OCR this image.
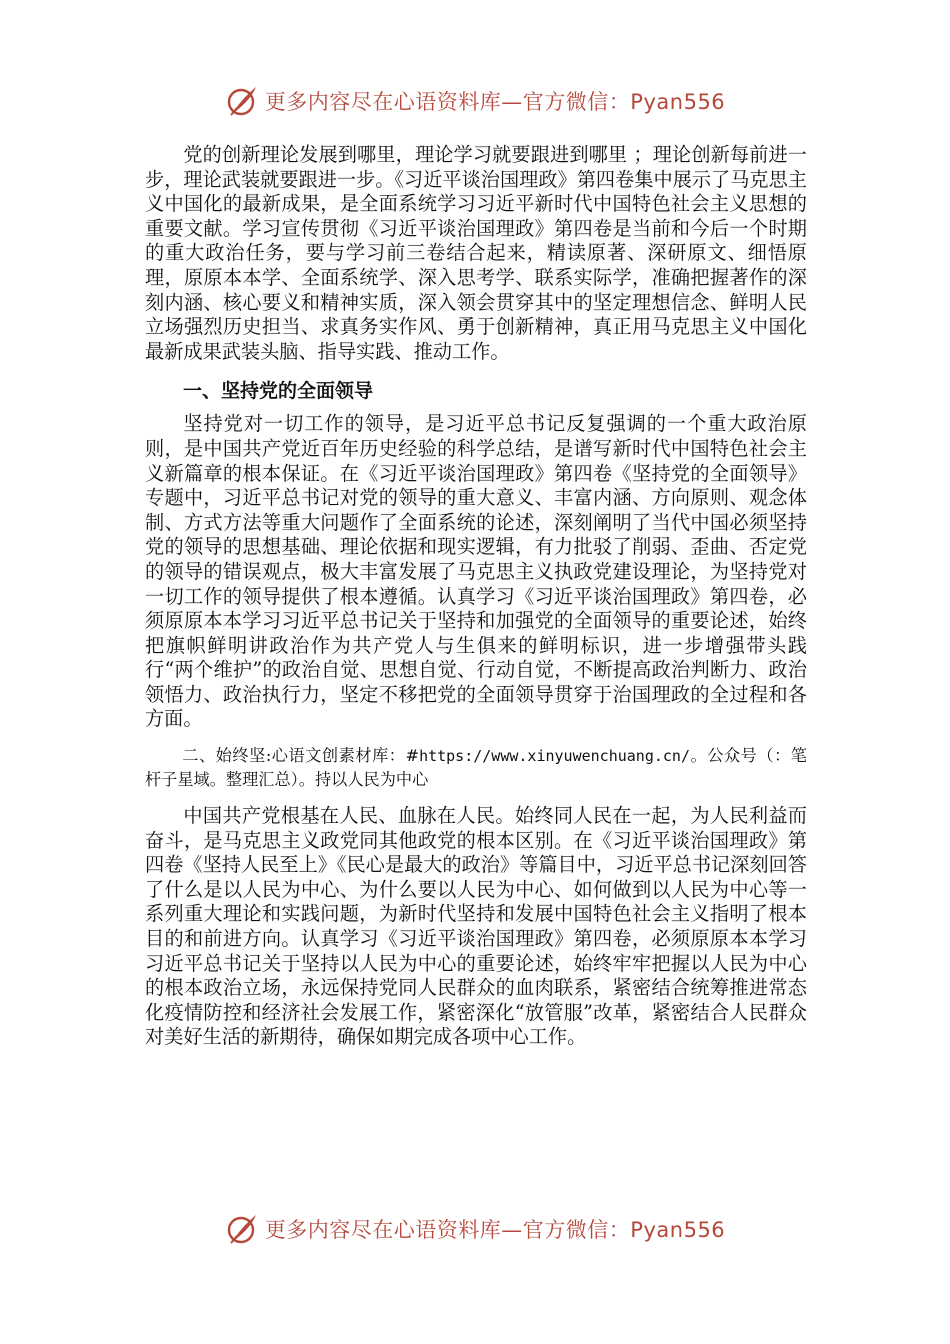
更多内容尽在心语资料库—官方微信：Pyan556

党的创新理论发展到哪里，理论学习就要跟进到哪里 ；理论创新每前进一步，理论武装就要跟进一步。《习近平谈治国理政》第四卷集中展示了马克思主义中国化的最新成果，是全面系统学习习近平新时代中国特色社会主义思想的重要文献。学习宣传贯彻《习近平谈治国理政》第四卷是当前和今后一个时期的重大政治任务，要与学习前三卷结合起来，精读原著、深研原文、细悟原理，原原本本学、全面系统学、深入思考学、联系实际学，准确把握著作的深刻内涵、核心要义和精神实质，深入领会贯穿其中的坚定理想信念、鲜明人民立场强烈历史担当、求真务实作风、勇于创新精神，真正用马克思主义中国化最新成果武装头脑、指导实践、推动工作。

一、坚持党的全面领导

坚持党对一切工作的领导，是习近平总书记反复强调的一个重大政治原则，是中国共产党近百年历史经验的科学总结，是谱写新时代中国特色社会主义新篇章的根本保证。在《习近平谈治国理政》第四卷《坚持党的全面领导》专题中，习近平总书记对党的领导的重大意义、丰富内涵、方向原则、观念体制、方式方法等重大问题作了全面系统的论述，深刻阐明了当代中国必须坚持党的领导的思想基础、理论依据和现实逻辑，有力批驳了削弱、歪曲、否定党的领导的错误观点，极大丰富发展了马克思主义执政党建设理论，为坚持党对一切工作的领导提供了根本遵循。认真学习《习近平谈治国理政》第四卷，必须原原本本学习习近平总书记关于坚持和加强党的全面领导的重要论述，始终把旗帜鲜明讲政治作为共产党人与生俱来的鲜明标识，进一步增强带头践行“两个维护”的政治自觉、思想自觉、行动自觉，不断提高政治判断力、政治领悟力、政治执行力，坚定不移把党的全面领导贯穿于治国理政的全过程和各方面。

二、始终坚:心语文创素材库：#https://www.xinyuwenchuang.cn/。公众号（：笔杆子星域。整理汇总）。持以人民为中心

中国共产党根基在人民、血脉在人民。始终同人民在一起，为人民利益而奋斗，是马克思主义政党同其他政党的根本区别。在《习近平谈治国理政》第四卷《坚持人民至上》《民心是最大的政治》等篇目中，习近平总书记深刻回答了什么是以人民为中心、为什么要以人民为中心、如何做到以人民为中心等一系列重大理论和实践问题，为新时代坚持和发展中国特色社会主义指明了根本目的和前进方向。认真学习《习近平谈治国理政》第四卷，必须原原本本学习习近平总书记关于坚持以人民为中心的重要论述，始终牢牢把握以人民为中心的根本政治立场，永远保持党同人民群众的血肉联系，紧密结合统筹推进常态化疫情防控和经济社会发展工作，紧密深化“放管服”改革，紧密结合人民群众对美好生活的新期待，确保如期完成各项中心工作。

更多内容尽在心语资料库—官方微信：Pyan556
